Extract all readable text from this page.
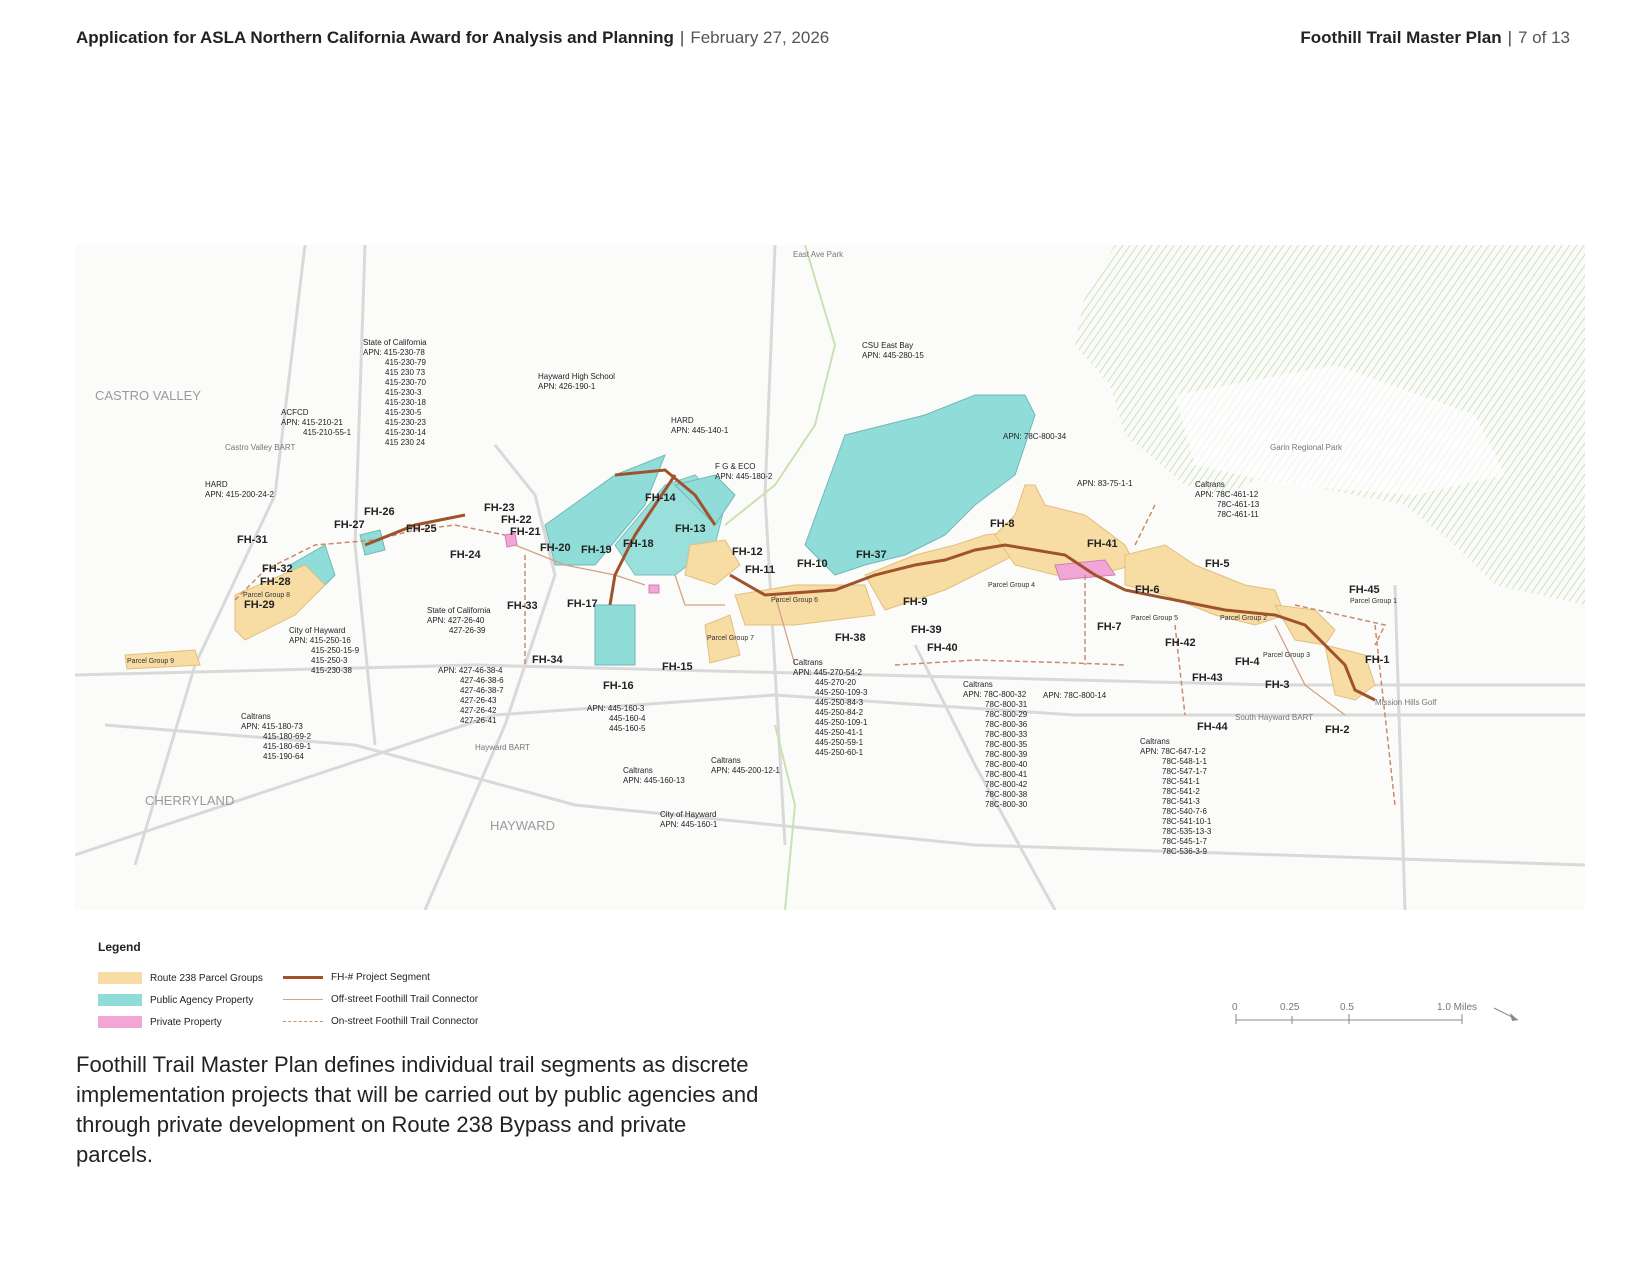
Application for ASLA Northern California Award for Analysis and Planning | February 27, 2026	Foothill Trail Master Plan | 7 of 13
CASTRO VALLEY
CHERRYLAND
HAYWARD
East Ave Park
Garin Regional Park
Castro Valley BART
Hayward BART
South Hayward BART
Mission Hills Golf
FH-1
FH-2
FH-3
FH-4
FH-5
FH-6
FH-7
FH-8
FH-9
FH-10
FH-11
FH-12
FH-13
FH-14
FH-15
FH-16
FH-17
FH-18
FH-19
FH-20
FH-21
FH-22
FH-23
FH-24
FH-25
FH-26
FH-27
FH-28
FH-29
FH-31
FH-32
FH-33
FH-34
FH-37
FH-38
FH-39
FH-40
FH-41
FH-42
FH-43
FH-44
FH-45
Parcel Group 9
Parcel Group 8
Parcel Group 6
Parcel Group 7
Parcel Group 5
Parcel Group 4
Parcel Group 3
Parcel Group 2
Parcel Group 1
State of California
APN: 415-230-78
415-230-79
415 230 73
415-230-70
415-230-3
415-230-18
415-230-5
415-230-23
415-230-14
415 230 24
ACFCD
APN: 415-210-21
415-210-55-1
HARD
APN: 415-200-24-2
Hayward High School
APN: 426-190-1
HARD
APN: 445-140-1
F G & ECO
APN: 445-180-2
CSU East Bay
APN: 445-280-15
APN: 78C-800-34
APN: 83-75-1-1	Caltrans
APN: 78C-461-12
78C-461-13
78C-461-11
State of California
APN: 427-26-40
427-26-39
City of Hayward
APN: 415-250-16
415-250-15-9
415-250-3
415-230-38	APN: 427-46-38-4
427-46-38-6
427-46-38-7
427-26-43
427-26-42
427-26-41
Caltrans
APN: 415-180-73
415-180-69-2
415-180-69-1
415-190-64
APN: 445-160-3
445-160-4
445-160-5
Caltrans
APN: 445-160-13
City of Hayward
APN: 445-160-1
Caltrans
APN: 445-200-12-1
Caltrans
APN: 445-270-54-2
445-270-20
445-250-109-3
445-250-84-3
445-250-84-2
445-250-109-1
445-250-41-1
445-250-59-1
445-250-60-1
Caltrans
APN: 78C-800-32
78C-800-31
78C-800-29
78C-800-36
78C-800-33
78C-800-35
78C-800-39
78C-800-40
78C-800-41
78C-800-42
78C-800-38
78C-800-30
APN: 78C-800-14
Caltrans
APN: 78C-647-1-2
78C-548-1-1
78C-547-1-7
78C-541-1
78C-541-2
78C-541-3
78C-540-7-6
78C-541-10-1
78C-535-13-3
78C-545-1-7
78C-536-3-9
Legend
Route 238 Parcel Groups
Public Agency Property
Private Property
FH-# Project Segment
Off-street Foothill Trail Connector
On-street Foothill Trail Connector
0	0.25	0.5	1.0 Miles
Foothill Trail Master Plan defines individual trail segments as discrete implementation projects that will be carried out by public agencies and through private development on Route 238 Bypass and private parcels.
